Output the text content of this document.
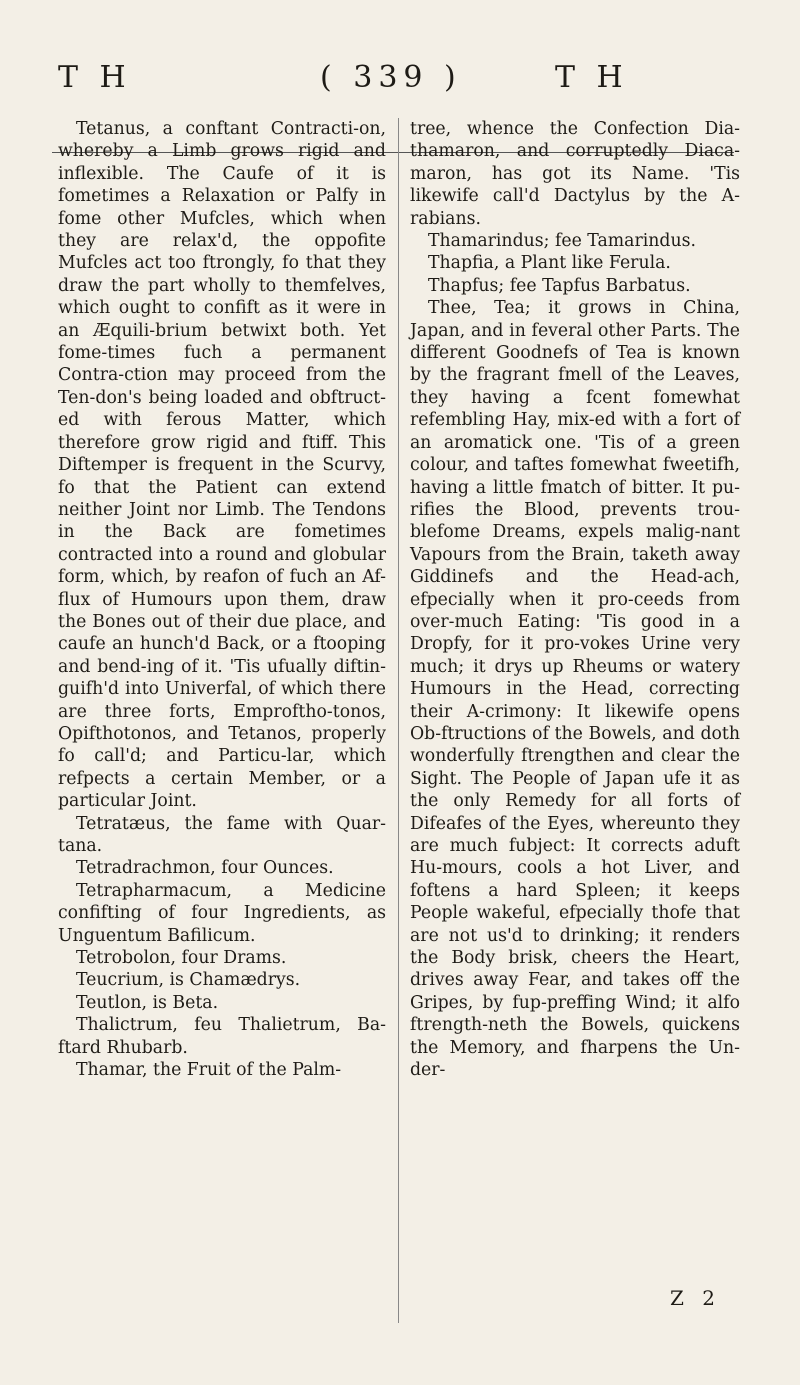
T H	( 339 )	T H

Tetanus, a conftant Contracti-on, whereby a Limb grows rigid and inflexible. The Caufe of it is fometimes a Relaxation or Palfy in fome other Mufcles, which when they are relax'd, the oppofite Mufcles act too ftrongly, fo that they draw the part wholly to themfelves, which ought to confift as it were in an Æquili-brium betwixt both. Yet fome-times fuch a permanent Contra-ction may proceed from the Ten-don's being loaded and obftruct-ed with ferous Matter, which therefore grow rigid and ftiff. This Diftemper is frequent in the Scurvy, fo that the Patient can extend neither Joint nor Limb. The Tendons in the Back are fometimes contracted into a round and globular form, which, by reafon of fuch an Af-flux of Humours upon them, draw the Bones out of their due place, and caufe an hunch'd Back, or a ftooping and bend-ing of it. 'Tis ufually diftin-guifh'd into Univerfal, of which there are three forts, Emproftho-tonos, Opifthotonos, and Tetanos, properly fo call'd; and Particu-lar, which refpects a certain Member, or a particular Joint.

Tetratæus, the fame with Quar-tana.

Tetradrachmon, four Ounces.

Tetrapharmacum, a Medicine confifting of four Ingredients, as Unguentum Bafilicum.

Tetrobolon, four Drams.

Teucrium, is Chamædrys.

Teutlon, is Beta.

Thalictrum, feu Thalietrum, Ba-ftard Rhubarb.

Thamar, the Fruit of the Palm-

tree, whence the Confection Dia-thamaron, and corruptedly Diaca-maron, has got its Name. 'Tis likewife call'd Dactylus by the A-rabians.

Thamarindus; fee Tamarindus.

Thapfia, a Plant like Ferula.

Thapfus; fee Tapfus Barbatus.

Thee, Tea; it grows in China, Japan, and in feveral other Parts. The different Goodnefs of Tea is known by the fragrant fmell of the Leaves, they having a fcent fomewhat refembling Hay, mix-ed with a fort of an aromatick one. 'Tis of a green colour, and taftes fomewhat fweetifh, having a little fmatch of bitter. It pu-rifies the Blood, prevents trou-blefome Dreams, expels malig-nant Vapours from the Brain, taketh away Giddinefs and the Head-ach, efpecially when it pro-ceeds from over-much Eating: 'Tis good in a Dropfy, for it pro-vokes Urine very much; it drys up Rheums or watery Humours in the Head, correcting their A-crimony: It likewife opens Ob-ftructions of the Bowels, and doth wonderfully ftrengthen and clear the Sight. The People of Japan ufe it as the only Remedy for all forts of Difeafes of the Eyes, whereunto they are much fubject: It corrects aduft Hu-mours, cools a hot Liver, and foftens a hard Spleen; it keeps People wakeful, efpecially thofe that are not us'd to drinking; it renders the Body brisk, cheers the Heart, drives away Fear, and takes off the Gripes, by fup-preffing Wind; it alfo ftrength-neth the Bowels, quickens the Memory, and fharpens the Un-der-

Z 2
